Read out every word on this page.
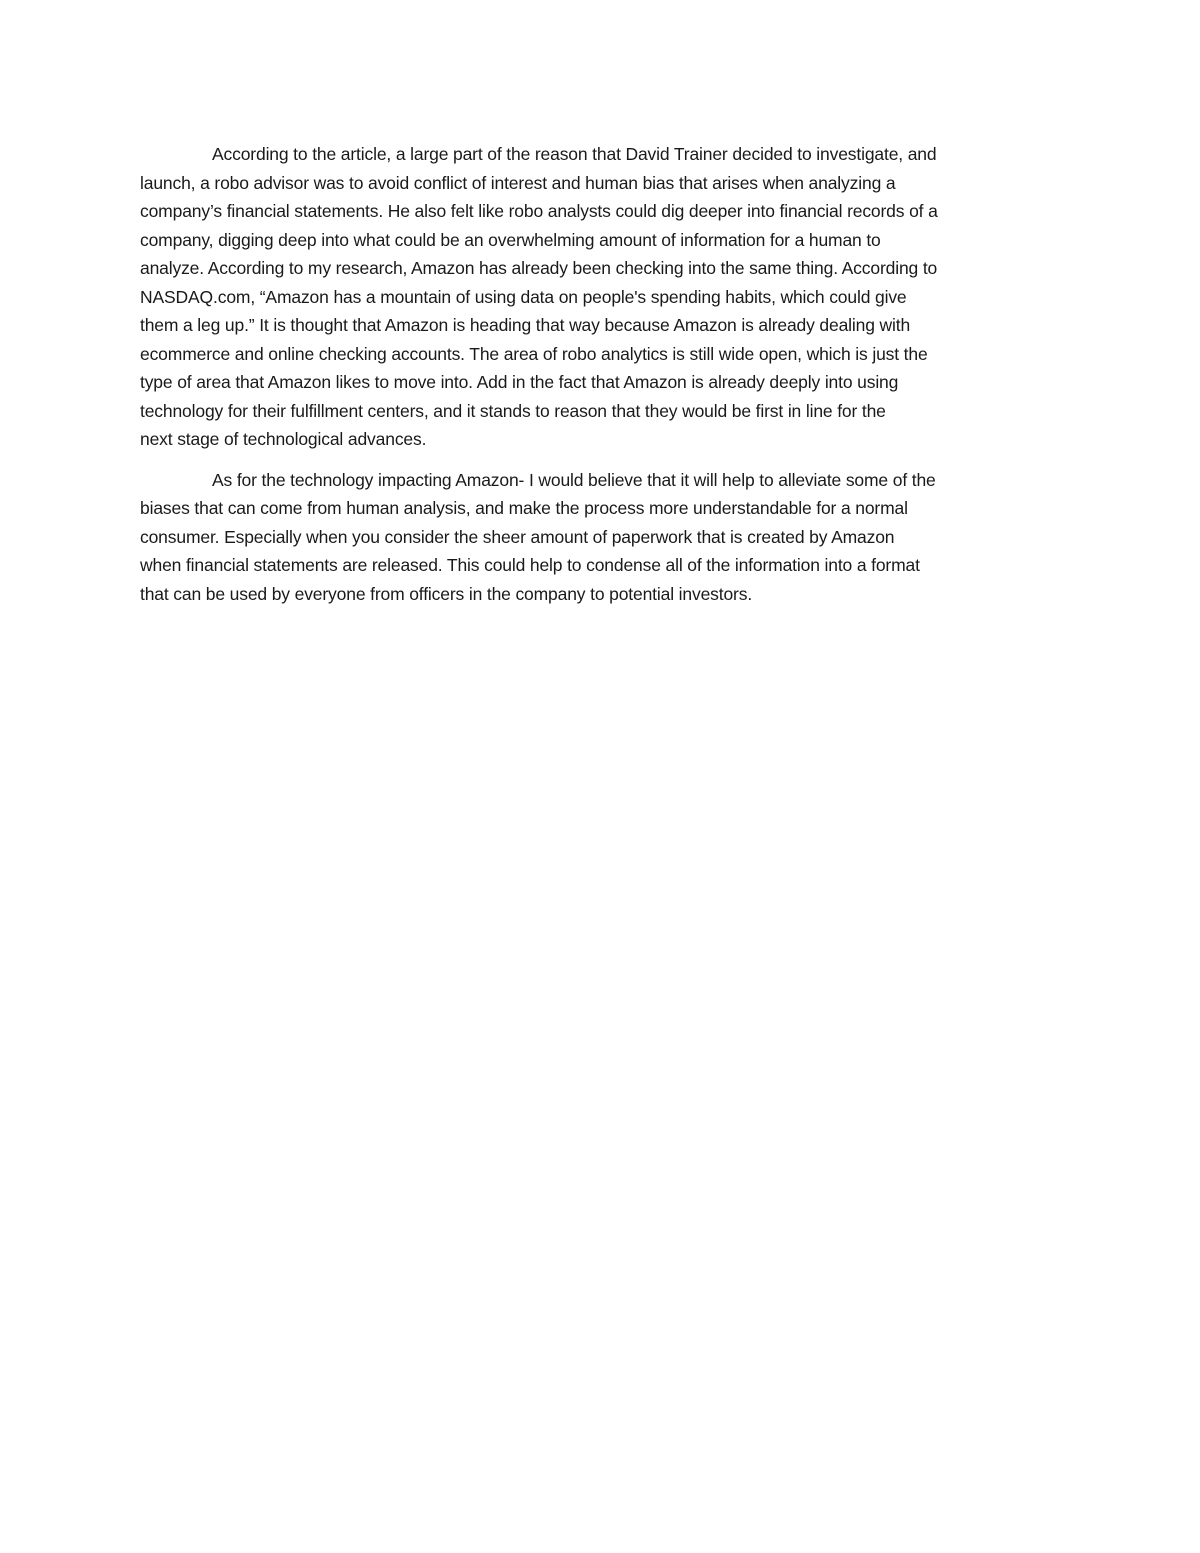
According to the article, a large part of the reason that David Trainer decided to investigate, and
launch, a robo advisor was to avoid conflict of interest and human bias that arises when analyzing a
company’s financial statements. He also felt like robo analysts could dig deeper into financial records of a
company, digging deep into what could be an overwhelming amount of information for a human to
analyze. According to my research, Amazon has already been checking into the same thing. According to
NASDAQ.com, “Amazon has a mountain of using data on people's spending habits, which could give
them a leg up.” It is thought that Amazon is heading that way because Amazon is already dealing with
ecommerce and online checking accounts. The area of robo analytics is still wide open, which is just the
type of area that Amazon likes to move into. Add in the fact that Amazon is already deeply into using
technology for their fulfillment centers, and it stands to reason that they would be first in line for the
next stage of technological advances.
As for the technology impacting Amazon- I would believe that it will help to alleviate some of the
biases that can come from human analysis, and make the process more understandable for a normal
consumer. Especially when you consider the sheer amount of paperwork that is created by Amazon
when financial statements are released. This could help to condense all of the information into a format
that can be used by everyone from officers in the company to potential investors.
